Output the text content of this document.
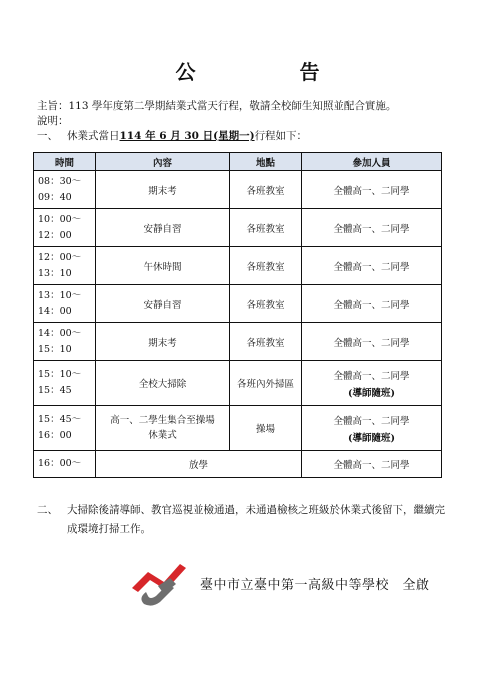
公　告
主旨：113 學年度第二學期結業式當天行程，敬請全校師生知照並配合實施。
說明：
一、 休業式當日114 年 6 月 30 日(星期一)行程如下：
時間	內容	地點	參加人員
08：30～
09：40	期末考	各班教室	全體高一、二同學
10：00～
12：00	安靜自習	各班教室	全體高一、二同學
12：00～
13：10	午休時間	各班教室	全體高一、二同學
13：10～
14：00	安靜自習	各班教室	全體高一、二同學
14：00～
15：10	期末考	各班教室	全體高一、二同學
15：10～
15：45	全校大掃除	各班內外掃區	全體高一、二同學
(導師隨班)

15：45～
16：00	高一、二學生集合至操場休業式	操場	全體高一、二同學
(導師隨班)

16：00～	放學		全體高一、二同學
二、 大掃除後請導師、教官巡視並檢通過，未通過檢核之班級於休業式後留下，繼續完成環境打掃工作。
臺中市立臺中第一高級中等學校　全啟
